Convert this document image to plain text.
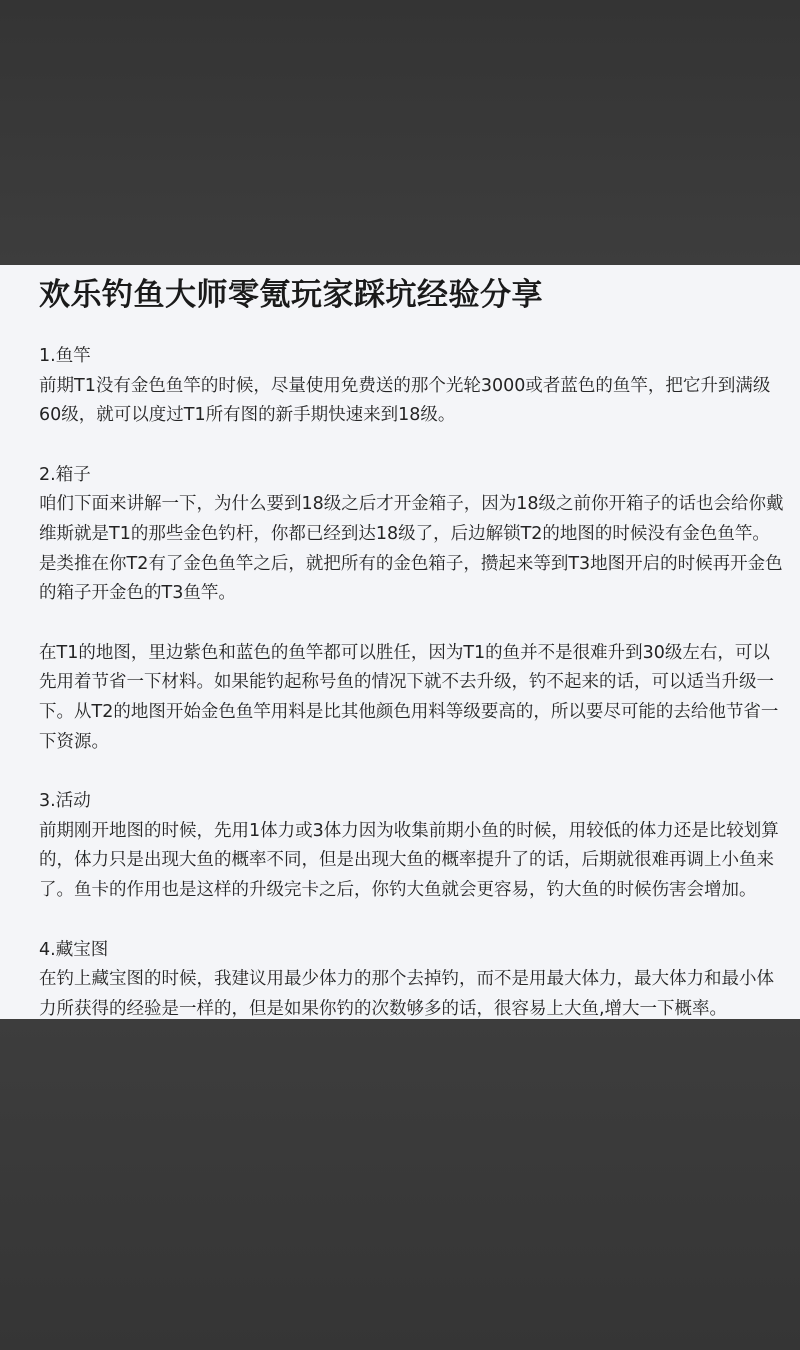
欢乐钓鱼大师零氪玩家踩坑经验分享

1.鱼竿

前期T1没有金色鱼竿的时候，尽量使用免费送的那个光轮3000或者蓝色的鱼竿，把它升到满级60级，就可以度过T1所有图的新手期快速来到18级。

2.箱子

咱们下面来讲解一下，为什么要到18级之后才开金箱子，因为18级之前你开箱子的话也会给你戴维斯就是T1的那些金色钓杆，你都已经到达18级了，后边解锁T2的地图的时候没有金色鱼竿。是类推在你T2有了金色鱼竿之后，就把所有的金色箱子，攒起来等到T3地图开启的时候再开金色的箱子开金色的T3鱼竿。

在T1的地图，里边紫色和蓝色的鱼竿都可以胜任，因为T1的鱼并不是很难升到30级左右，可以先用着节省一下材料。如果能钓起称号鱼的情况下就不去升级，钓不起来的话，可以适当升级一下。从T2的地图开始金色鱼竿用料是比其他颜色用料等级要高的，所以要尽可能的去给他节省一下资源。

3.活动

前期刚开地图的时候，先用1体力或3体力因为收集前期小鱼的时候，用较低的体力还是比较划算的，体力只是出现大鱼的概率不同，但是出现大鱼的概率提升了的话，后期就很难再调上小鱼来了。鱼卡的作用也是这样的升级完卡之后，你钓大鱼就会更容易，钓大鱼的时候伤害会增加。

4.藏宝图

在钓上藏宝图的时候，我建议用最少体力的那个去掉钓，而不是用最大体力，最大体力和最小体力所获得的经验是一样的，但是如果你钓的次数够多的话，很容易上大鱼,增大一下概率。
